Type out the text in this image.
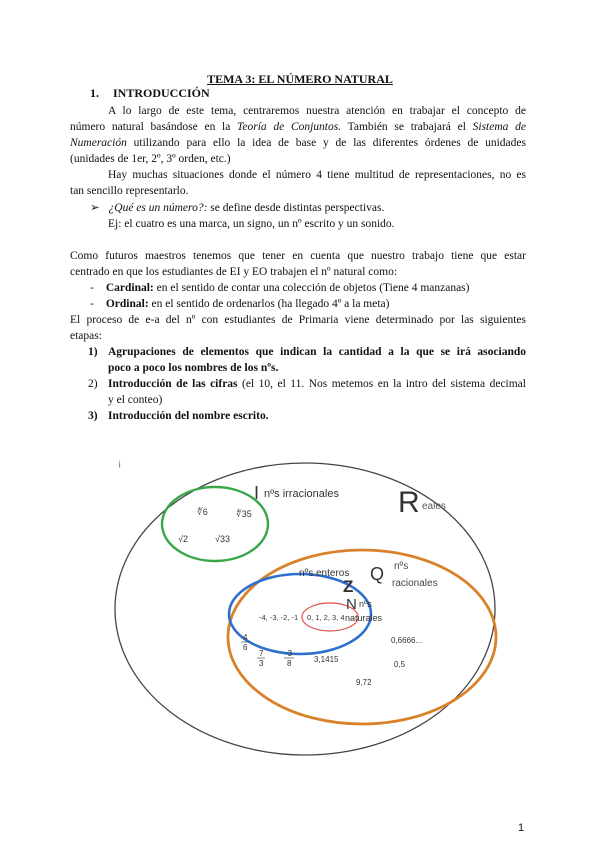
TEMA 3: EL NÚMERO NATURAL
1. INTRODUCCIÓN
A lo largo de este tema, centraremos nuestra atención en trabajar el concepto de
número natural basándose en la Teoría de Conjuntos. También se trabajará el Sistema de
Numeración utilizando para ello la idea de base y de las diferentes órdenes de unidades
(unidades de 1er, 2º, 3º orden, etc.)
Hay muchas situaciones donde el número 4 tiene multitud de representaciones, no es
tan sencillo representarlo.
➢ ¿Qué es un número?: se define desde distintas perspectivas.
Ej: el cuatro es una marca, un signo, un nº escrito y un sonido.
Como futuros maestros tenemos que tener en cuenta que nuestro trabajo tiene que estar
centrado en que los estudiantes de EI y EO trabajen el nº natural como:
- Cardinal: en el sentido de contar una colección de objetos (Tiene 4 manzanas)
- Ordinal: en el sentido de ordenarlos (ha llegado 4º a la meta)
El proceso de e-a del nº con estudiantes de Primaria viene determinado por las siguientes
etapas:
1) Agrupaciones de elementos que indican la cantidad a la que se irá asociando
poco a poco los nombres de los nºs.
2) Introducción de las cifras (el 10, el 11. Nos metemos en la intro del sistema decimal
y el conteo)
3) Introducción del nombre escrito.
¡
R eales
I nºs irracionales
∜6	∜35
√2	√33
Q nºs
racionales
nºs enteros
Z
N nºs
naturales
-4, -3, -2, -1 0, 1, 2, 3, 4
4
6
7
3
-3
8
0,6666...
3,1415
0,5
9,72
1
